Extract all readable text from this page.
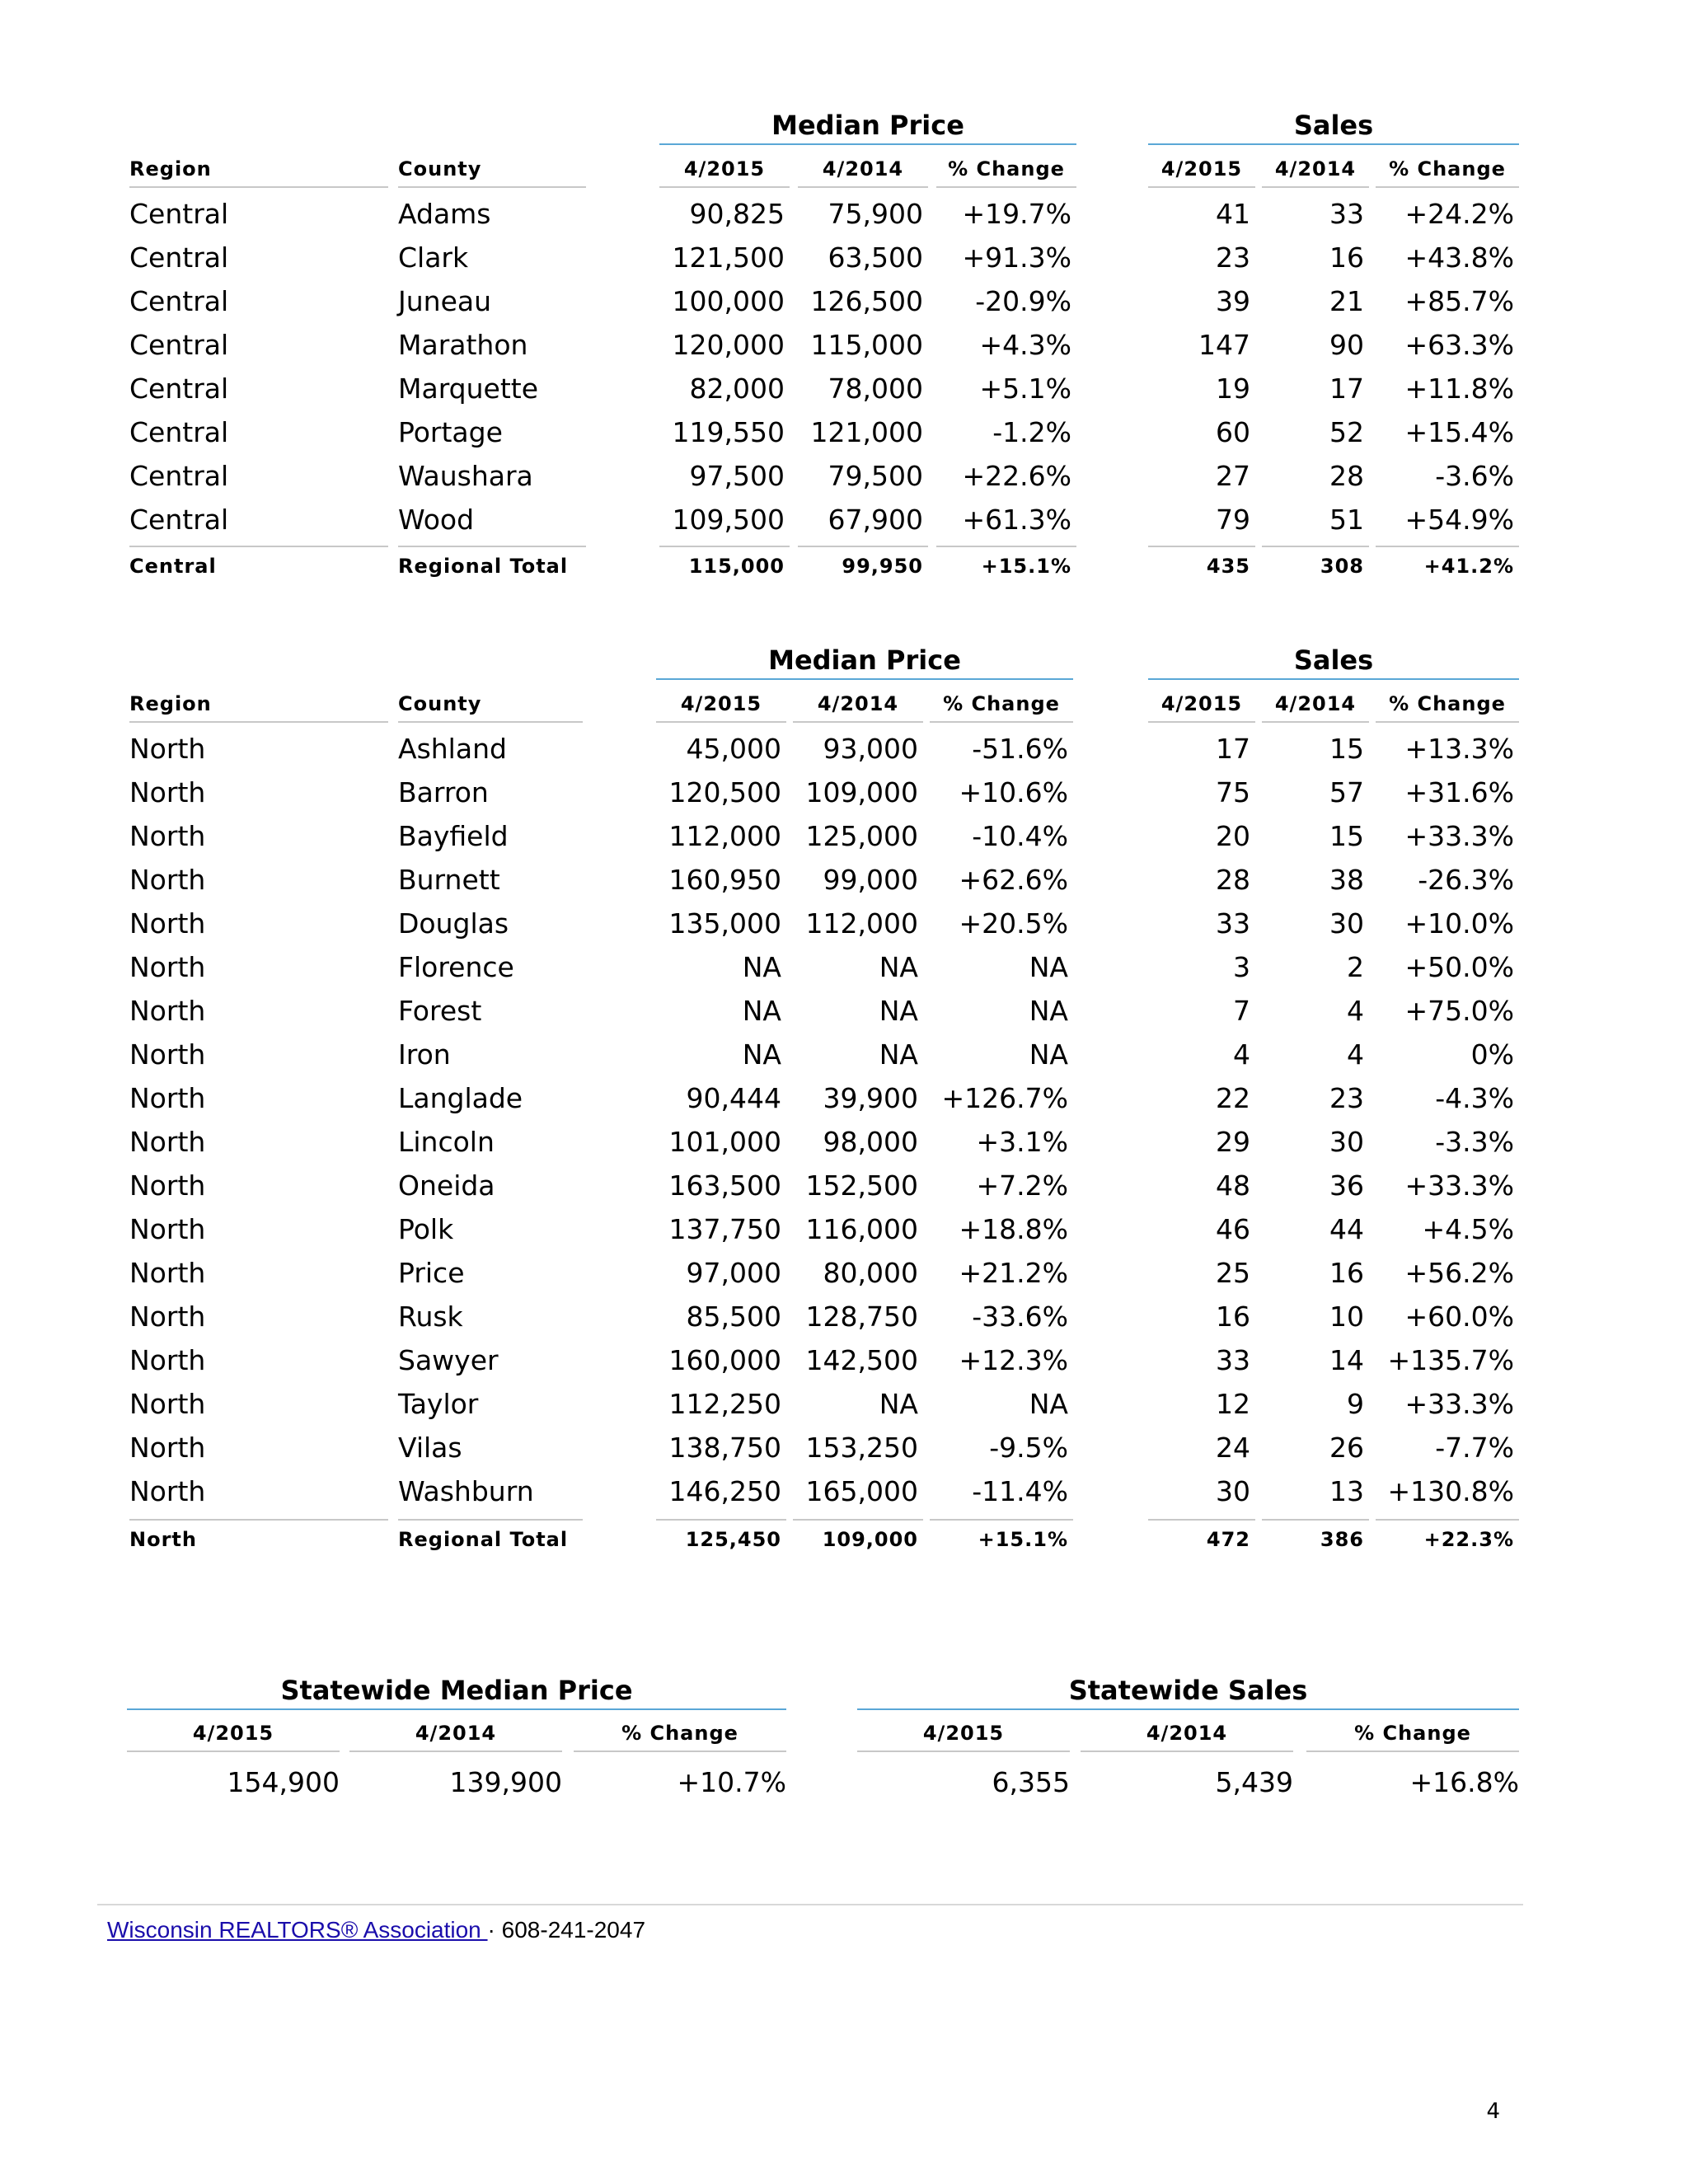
Median Price	Sales
Region	County	4/2015	4/2014	% Change	4/2015	4/2014	% Change
Central	Adams	90,825	75,900	+19.7%	41	33	+24.2%
Central	Clark	121,500	63,500	+91.3%	23	16	+43.8%
Central	Juneau	100,000 126,500	-20.9%	39	21	+85.7%
Central	Marathon	120,000 115,000	+4.3%	147	90	+63.3%
Central	Marquette	82,000	78,000	+5.1%	19	17	+11.8%
Central	Portage	119,550 121,000	-1.2%	60	52	+15.4%
Central	Waushara	97,500	79,500	+22.6%	27	28	-3.6%
Central	Wood	109,500	67,900	+61.3%	79	51	+54.9%
Central	Regional Total	115,000	99,950	+15.1%	435	308	+41.2%
Median Price	Sales
Region	County	4/2015	4/2014	% Change	4/2015	4/2014	% Change
North	Ashland	45,000	93,000	-51.6%	17	15	+13.3%
North	Barron	120,500 109,000	+10.6%	75	57	+31.6%
North	Bayfield	112,000 125,000	-10.4%	20	15	+33.3%
North	Burnett	160,950	99,000	+62.6%	28	38	-26.3%
North	Douglas	135,000 112,000	+20.5%	33	30	+10.0%
North	Florence	NA	NA	NA	3	2	+50.0%
North	Forest	NA	NA	NA	7	4	+75.0%
North	Iron	NA	NA	NA	4	4	0%
North	Langlade	90,444	39,900 +126.7%	22	23	-4.3%
North	Lincoln	101,000	98,000	+3.1%	29	30	-3.3%
North	Oneida	163,500 152,500	+7.2%	48	36	+33.3%
North	Polk	137,750 116,000	+18.8%	46	44	+4.5%
North	Price	97,000	80,000	+21.2%	25	16	+56.2%
North	Rusk	85,500 128,750	-33.6%	16	10	+60.0%
North	Sawyer	160,000 142,500	+12.3%	33	14 +135.7%
North	Taylor	112,250	NA	NA	12	9	+33.3%
North	Vilas	138,750 153,250	-9.5%	24	26	-7.7%
North	Washburn	146,250 165,000	-11.4%	30	13 +130.8%
North	Regional Total	125,450	109,000	+15.1%	472	386	+22.3%
Statewide Median Price	Statewide Sales
4/2015	4/2014	% Change	4/2015	4/2014	% Change
154,900	139,900	+10.7%	6,355	5,439	+16.8%
Wisconsin REALTORS® Association · 608-241-2047
4
